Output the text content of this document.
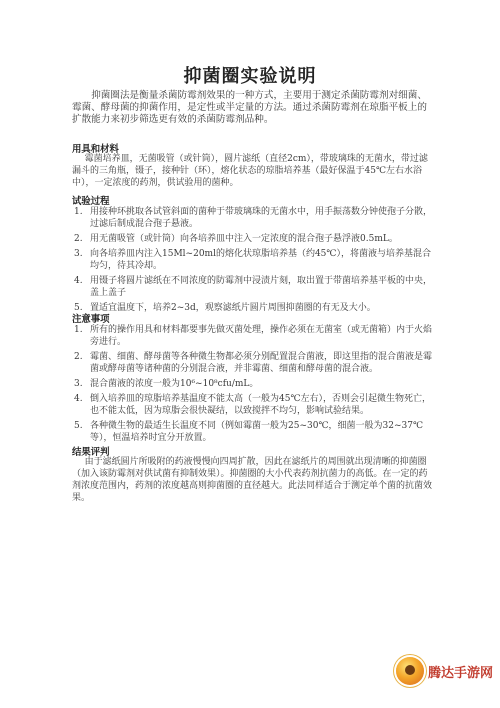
抑菌圈实验说明
抑菌圈法是衡量杀菌防霉剂效果的一种方式，主要用于测定杀菌防霉剂对细菌、霉菌、酵母菌的抑菌作用，是定性或半定量的方法。通过杀菌防霉剂在琼脂平板上的扩散能力来初步筛选更有效的杀菌防霉剂品种。
用具和材料
霉菌培养皿，无菌吸管（或针筒），圆片滤纸（直径2cm），带玻璃珠的无菌水，带过滤漏斗的三角瓶，镊子，接种针（环），熔化状态的琼脂培养基（最好保温于45℃左右水浴中），一定浓度的药剂，供试验用的菌种。
试验过程
1. 用接种环挑取各试管斜面的菌种于带玻璃珠的无菌水中，用手振荡数分钟使孢子分散，过滤后制成混合孢子悬液。
2. 用无菌吸管（或针筒）向各培养皿中注入一定浓度的混合孢子悬浮液0.5mL。
3. 向各培养皿内注入15Ml~20ml的熔化状琼脂培养基（约45℃），将菌液与培养基混合均匀，待其冷却。
4. 用镊子将圆片滤纸在不同浓度的防霉剂中浸渍片刻，取出置于带菌培养基平板的中央，盖上盖子
5. 置适宜温度下，培养2~3d，观察滤纸片圆片周围抑菌圈的有无及大小。
注意事项
1. 所有的操作用具和材料都要事先做灭菌处理，操作必须在无菌室（或无菌箱）内于火焰旁进行。
2. 霉菌、细菌、酵母菌等各种微生物都必须分别配置混合菌液，即这里指的混合菌液是霉菌或酵母菌等诸种菌的分别混合液，并非霉菌、细菌和酵母菌的混合液。
3. 混合菌液的浓度一般为10⁶~10⁸cfu/mL。
4. 倒入培养皿的琼脂培养基温度不能太高（一般为45℃左右），否则会引起微生物死亡，也不能太低，因为琼脂会很快凝结，以致搅拌不均匀，影响试验结果。
5. 各种微生物的最适生长温度不同（例如霉菌一般为25~30℃，细菌一般为32~37℃等），恒温培养时宜分开放置。
结果评判
由于滤纸圆片所吸附的药液慢慢向四周扩散，因此在滤纸片的周围就出现清晰的抑菌圈（加入该防霉剂对供试菌有抑制效果）。抑菌圈的大小代表药剂抗菌力的高低。在一定的药剂浓度范围内，药剂的浓度越高则抑菌圈的直径越大。此法同样适合于测定单个菌的抗菌效果。
腾达手游网
